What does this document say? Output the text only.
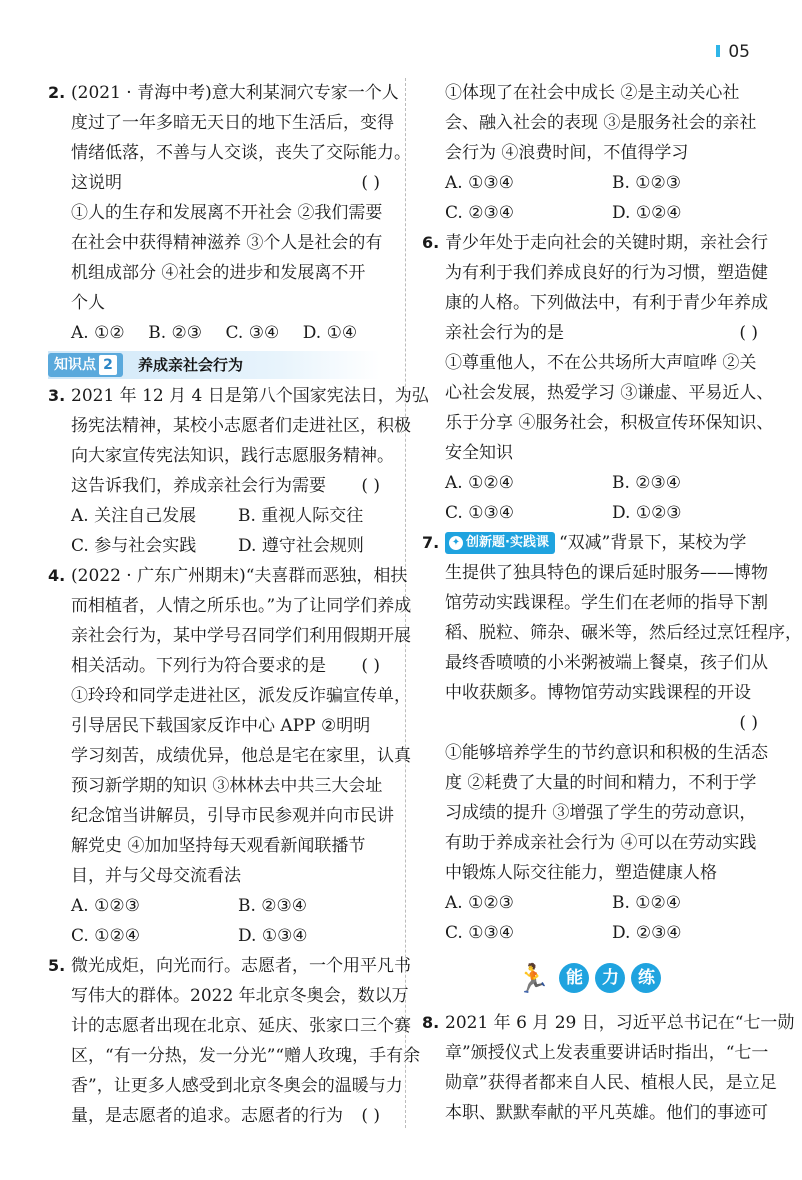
05

2. (2021 · 青海中考)意大利某洞穴专家一个人

度过了一年多暗无天日的地下生活后，变得

情绪低落，不善与人交谈，丧失了交际能力。

这说明	( )

①人的生存和发展离不开社会 ②我们需要

在社会中获得精神滋养 ③个人是社会的有

机组成部分 ④社会的进步和发展离不开

个人

A. ①②	B. ②③	C. ③④	D. ①④
知识点 2	养成亲社会行为

3. 2021 年 12 月 4 日是第八个国家宪法日，为弘

扬宪法精神，某校小志愿者们走进社区，积极

向大家宣传宪法知识，践行志愿服务精神。

这告诉我们，养成亲社会行为需要 ( )

A. 关注自己发展	B. 重视人际交往
C. 参与社会实践	D. 遵守社会规则

4. (2022 · 广东广州期末)“夫喜群而恶独，相扶

而相植者，人情之所乐也。”为了让同学们养成

亲社会行为，某中学号召同学们利用假期开展

相关活动。下列行为符合要求的是 ( )

①玲玲和同学走进社区，派发反诈骗宣传单，

引导居民下载国家反诈中心 APP ②明明

学习刻苦，成绩优异，他总是宅在家里，认真

预习新学期的知识 ③林林去中共三大会址

纪念馆当讲解员，引导市民参观并向市民讲

解党史 ④加加坚持每天观看新闻联播节

目，并与父母交流看法

A. ①②③	B. ②③④
C. ①②④	D. ①③④

5. 微光成炬，向光而行。志愿者，一个用平凡书

写伟大的群体。2022 年北京冬奥会，数以万

计的志愿者出现在北京、延庆、张家口三个赛

区，“有一分热，发一分光”“赠人玫瑰，手有余

香”，让更多人感受到北京冬奥会的温暖与力

量，是志愿者的追求。志愿者的行为 ( )

①体现了在社会中成长 ②是主动关心社

会、融入社会的表现 ③是服务社会的亲社

会行为 ④浪费时间，不值得学习

A. ①③④	B. ①②③
C. ②③④	D. ①②④

6. 青少年处于走向社会的关键时期，亲社会行

为有利于我们养成良好的行为习惯，塑造健

康的人格。下列做法中，有利于青少年养成

亲社会行为的是	( )

①尊重他人，不在公共场所大声喧哗 ②关

心社会发展，热爱学习 ③谦虚、平易近人、

乐于分享 ④服务社会，积极宣传环保知识、

安全知识

A. ①②④	B. ②③④
C. ①③④	D. ①②③

7. ✦ 创新题·实践课 “双减”背景下，某校为学

生提供了独具特色的课后延时服务——博物

馆劳动实践课程。学生们在老师的指导下割

稻、脱粒、筛杂、碾米等，然后经过烹饪程序，

最终香喷喷的小米粥被端上餐桌，孩子们从

中收获颇多。博物馆劳动实践课程的开设

( )

①能够培养学生的节约意识和积极的生活态

度 ②耗费了大量的时间和精力，不利于学

习成绩的提升 ③增强了学生的劳动意识，

有助于养成亲社会行为 ④可以在劳动实践

中锻炼人际交往能力，塑造健康人格

A. ①②③	B. ①②④
C. ①③④	D. ②③④
🏃 能	力	练

8. 2021 年 6 月 29 日，习近平总书记在“七一勋

章”颁授仪式上发表重要讲话时指出，“七一

勋章”获得者都来自人民、植根人民，是立足

本职、默默奉献的平凡英雄。他们的事迹可
